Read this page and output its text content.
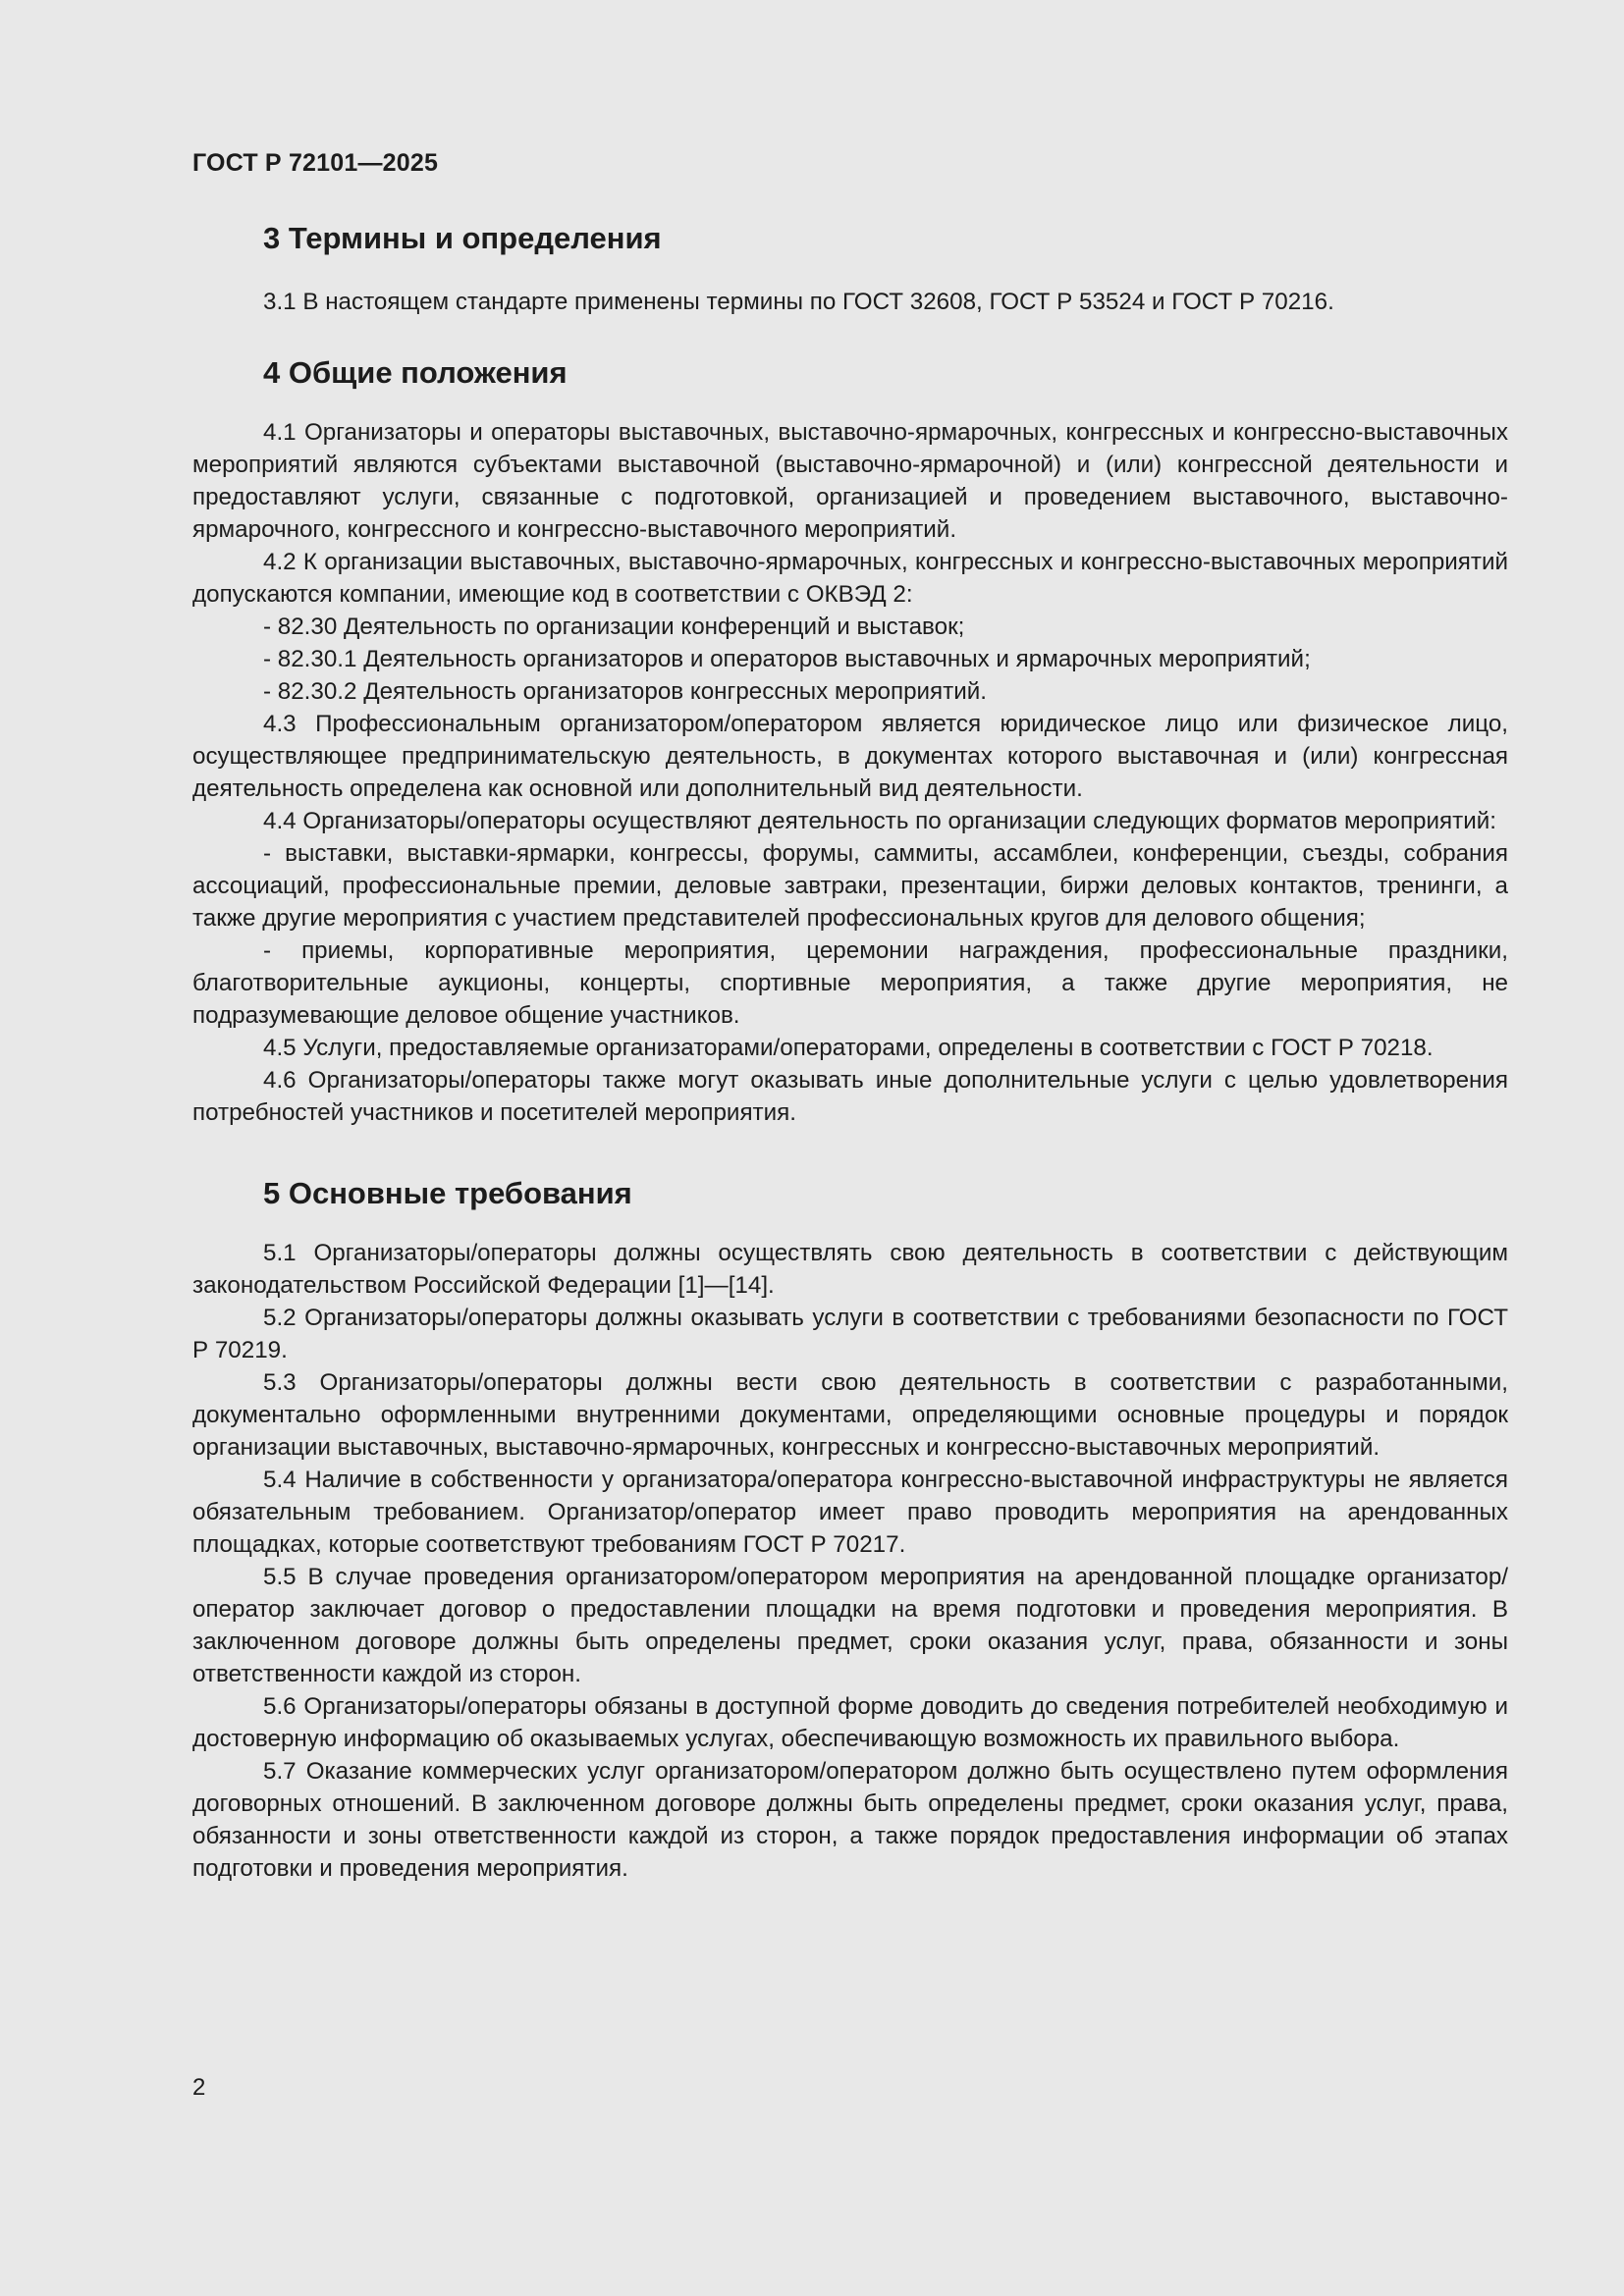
ГОСТ Р 72101—2025
3 Термины и определения

3.1 В настоящем стандарте применены термины по ГОСТ 32608, ГОСТ Р 53524 и ГОСТ Р 70216.

4 Общие положения

4.1 Организаторы и операторы выставочных, выставочно-ярмарочных, конгрессных и конгрессно-выставочных мероприятий являются субъектами выставочной (выставочно-ярмарочной) и (или) конгрессной деятельности и предоставляют услуги, связанные с подготовкой, организацией и проведением выставочного, выставочно-ярмарочного, конгрессного и конгрессно-выставочного мероприятий.

4.2 К организации выставочных, выставочно-ярмарочных, конгрессных и конгрессно-выставочных мероприятий допускаются компании, имеющие код в соответствии с ОКВЭД 2:

- 82.30 Деятельность по организации конференций и выставок;

- 82.30.1 Деятельность организаторов и операторов выставочных и ярмарочных мероприятий;

- 82.30.2 Деятельность организаторов конгрессных мероприятий.

4.3 Профессиональным организатором/оператором является юридическое лицо или физическое лицо, осуществляющее предпринимательскую деятельность, в документах которого выставочная и (или) конгрессная деятельность определена как основной или дополнительный вид деятельности.

4.4 Организаторы/операторы осуществляют деятельность по организации следующих форматов мероприятий:

- выставки, выставки-ярмарки, конгрессы, форумы, саммиты, ассамблеи, конференции, съезды, собрания ассоциаций, профессиональные премии, деловые завтраки, презентации, биржи деловых контактов, тренинги, а также другие мероприятия с участием представителей профессиональных кругов для делового общения;

- приемы, корпоративные мероприятия, церемонии награждения, профессиональные праздники, благотворительные аукционы, концерты, спортивные мероприятия, а также другие мероприятия, не подразумевающие деловое общение участников.

4.5 Услуги, предоставляемые организаторами/операторами, определены в соответствии с ГОСТ Р 70218.

4.6 Организаторы/операторы также могут оказывать иные дополнительные услуги с целью удовлетворения потребностей участников и посетителей мероприятия.

5 Основные требования

5.1 Организаторы/операторы должны осуществлять свою деятельность в соответствии с действующим законодательством Российской Федерации [1]—[14].

5.2 Организаторы/операторы должны оказывать услуги в соответствии с требованиями безопасности по ГОСТ Р 70219.

5.3 Организаторы/операторы должны вести свою деятельность в соответствии с разработанными, документально оформленными внутренними документами, определяющими основные процедуры и порядок организации выставочных, выставочно-ярмарочных, конгрессных и конгрессно-выставочных мероприятий.

5.4 Наличие в собственности у организатора/оператора конгрессно-выставочной инфраструктуры не является обязательным требованием. Организатор/оператор имеет право проводить мероприятия на арендованных площадках, которые соответствуют требованиям ГОСТ Р 70217.

5.5 В случае проведения организатором/оператором мероприятия на арендованной площадке организатор/оператор заключает договор о предоставлении площадки на время подготовки и проведения мероприятия. В заключенном договоре должны быть определены предмет, сроки оказания услуг, права, обязанности и зоны ответственности каждой из сторон.

5.6 Организаторы/операторы обязаны в доступной форме доводить до сведения потребителей необходимую и достоверную информацию об оказываемых услугах, обеспечивающую возможность их правильного выбора.

5.7 Оказание коммерческих услуг организатором/оператором должно быть осуществлено путем оформления договорных отношений. В заключенном договоре должны быть определены предмет, сроки оказания услуг, права, обязанности и зоны ответственности каждой из сторон, а также порядок предоставления информации об этапах подготовки и проведения мероприятия.

2
